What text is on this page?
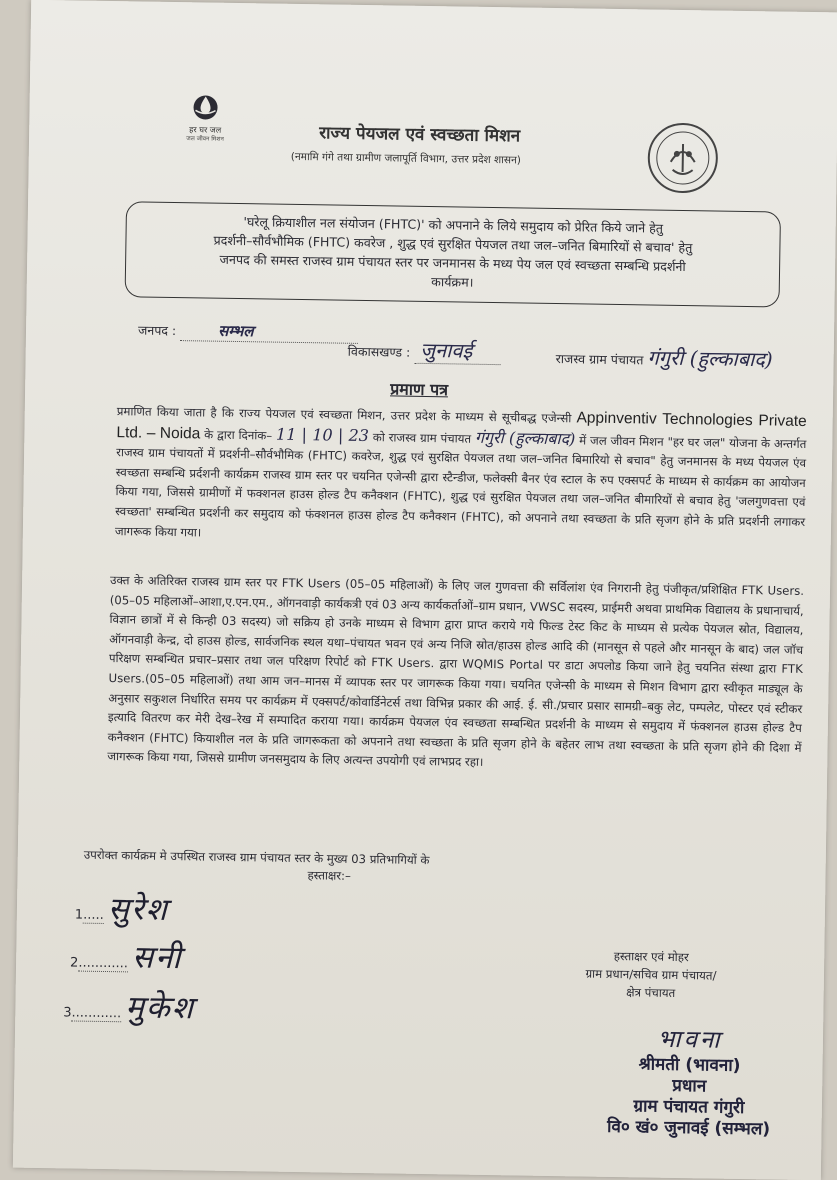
हर घर जल
जल जीवन मिशन	राज्य पेयजल एवं स्वच्छता मिशन
(नमामि गंगे तथा ग्रामीण जलापूर्ति विभाग, उत्तर प्रदेश शासन)
'घरेलू क्रियाशील नल संयोजन (FHTC)' को अपनाने के लिये समुदाय को प्रेरित किये जाने हेतु
प्रदर्शनी–सौर्वभौमिक (FHTC) कवरेज , शुद्ध एवं सुरक्षित पेयजल तथा जल–जनित बिमारियों से बचाव' हेतु
जनपद की समस्त राजस्व ग्राम पंचायत स्तर पर जनमानस के मध्य पेय जल एवं स्वच्छता सम्बन्धि प्रदर्शनी
कार्यक्रम।
जनपद :	सम्भल
विकासखण्ड : जुनावई	राजस्व ग्राम पंचायत गंगुरी (हुल्काबाद)
प्रमाण पत्र
प्रमाणित किया जाता है कि राज्य पेयजल एवं स्वच्छता मिशन, उत्तर प्रदेश के माध्यम से सूचीबद्ध एजेन्सी Appinventiv Technologies Private Ltd. – Noida के द्वारा दिनांक– 11 | 10 | 23 को राजस्व ग्राम पंचायत गंगुरी (हुल्काबाद) में जल जीवन मिशन "हर घर जल" योजना के अन्तर्गत राजस्व ग्राम पंचायतों में प्रदर्शनी–सौर्वभौमिक (FHTC) कवरेज, शुद्ध एवं सुरक्षित पेयजल तथा जल–जनित बिमारियो से बचाव" हेतु जनमानस के मध्य पेयजल एंव स्वच्छता सम्बन्धि प्रर्दशनी कार्यक्रम राजस्व ग्राम स्तर पर चयनित एजेन्सी द्वारा स्टैन्डीज, फलेक्सी बैनर एंव स्टाल के रुप एक्सपर्ट के माध्यम से कार्यक्रम का आयोजन किया गया, जिससे ग्रामीणों में फक्शनल हाउस होल्ड टैप कनैक्शन (FHTC), शुद्ध एवं सुरक्षित पेयजल तथा जल–जनित बीमारियों से बचाव हेतु 'जलगुणवत्ता एवं स्वच्छता' सम्बन्धित प्रदर्शनी कर समुदाय को फंक्शनल हाउस होल्ड टैप कनैक्शन (FHTC), को अपनाने तथा स्वच्छता के प्रति सृजग होने के प्रति प्रदर्शनी लगाकर जागरूक किया गया।
उक्त के अतिरिक्त राजस्व ग्राम स्तर पर FTK Users (05–05 महिलाओं) के लिए जल गुणवत्ता की सर्विलांश एंव निगरानी हेतु पंजीकृत/प्रशिक्षित FTK Users.(05–05 महिलाओं–आशा,ए.एन.एम., ऑगनवाड़ी कार्यकत्री एवं 03 अन्य कार्यकर्ताओं–ग्राम प्रधान, VWSC सदस्य, प्राईमरी अथवा प्राथमिक विद्यालय के प्रधानाचार्य, विज्ञान छात्रों में से किन्ही 03 सदस्य) जो सक्रिय हो उनके माध्यम से विभाग द्वारा प्राप्त कराये गये फिल्ड टेस्ट किट के माध्यम से प्रत्येक पेयजल स्रोत, विद्यालय, ऑगनवाड़ी केन्द्र, दो हाउस होल्ड, सार्वजनिक स्थल यथा–पंचायत भवन एवं अन्य निजि स्रोत/हाउस होल्ड आदि की (मानसून से पहले और मानसून के बाद) जल जॉच परिक्षण सम्बन्धित प्रचार–प्रसार तथा जल परिक्षण रिपोर्ट को FTK Users. द्वारा WQMIS Portal पर डाटा अपलोड किया जाने हेतु चयनित संस्था द्वारा FTK Users.(05–05 महिलाओं) तथा आम जन–मानस में व्यापक स्तर पर जागरूक किया गया। चयनित एजेन्सी के माध्यम से मिशन विभाग द्वारा स्वीकृत माड्यूल के अनुसार सकुशल निर्धारित समय पर कार्यक्रम में एक्सपर्ट/कोवार्डिनेटर्स तथा विभिन्न प्रकार की आई. ई. सी./प्रचार प्रसार सामग्री–बकु लेट, पम्पलेट, पोस्टर एवं स्टीकर इत्यादि वितरण कर मेरी देख–रेख में सम्पादित कराया गया। कार्यक्रम पेयजल एंव स्वच्छता सम्बन्धित प्रदर्शनी के माध्यम से समुदाय में फंक्शनल हाउस होल्ड टैप कनैक्शन (FHTC) कियाशील नल के प्रति जागरूकता को अपनाने तथा स्वच्छता के प्रति सृजग होने के बहेतर लाभ तथा स्वच्छता के प्रति सृजग होने की दिशा में जागरूक किया गया, जिससे ग्रामीण जनसमुदाय के लिए अत्यन्त उपयोगी एवं लाभप्रद रहा।
उपरोक्त कार्यक्रम मे उपस्थित राजस्व ग्राम पंचायत स्तर के मुख्य 03 प्रतिभागियों के
हस्ताक्षर:–
1..... सुरेश
2............ सनी
3............ मुकेश
हस्ताक्षर एवं मोहर
ग्राम प्रधान/सचिव ग्राम पंचायत/
क्षेत्र पंचायत
भावना
श्रीमती (भावना)
प्रधान
ग्राम पंचायत गंगुरी
वि० खं० जुनावई (सम्भल)
